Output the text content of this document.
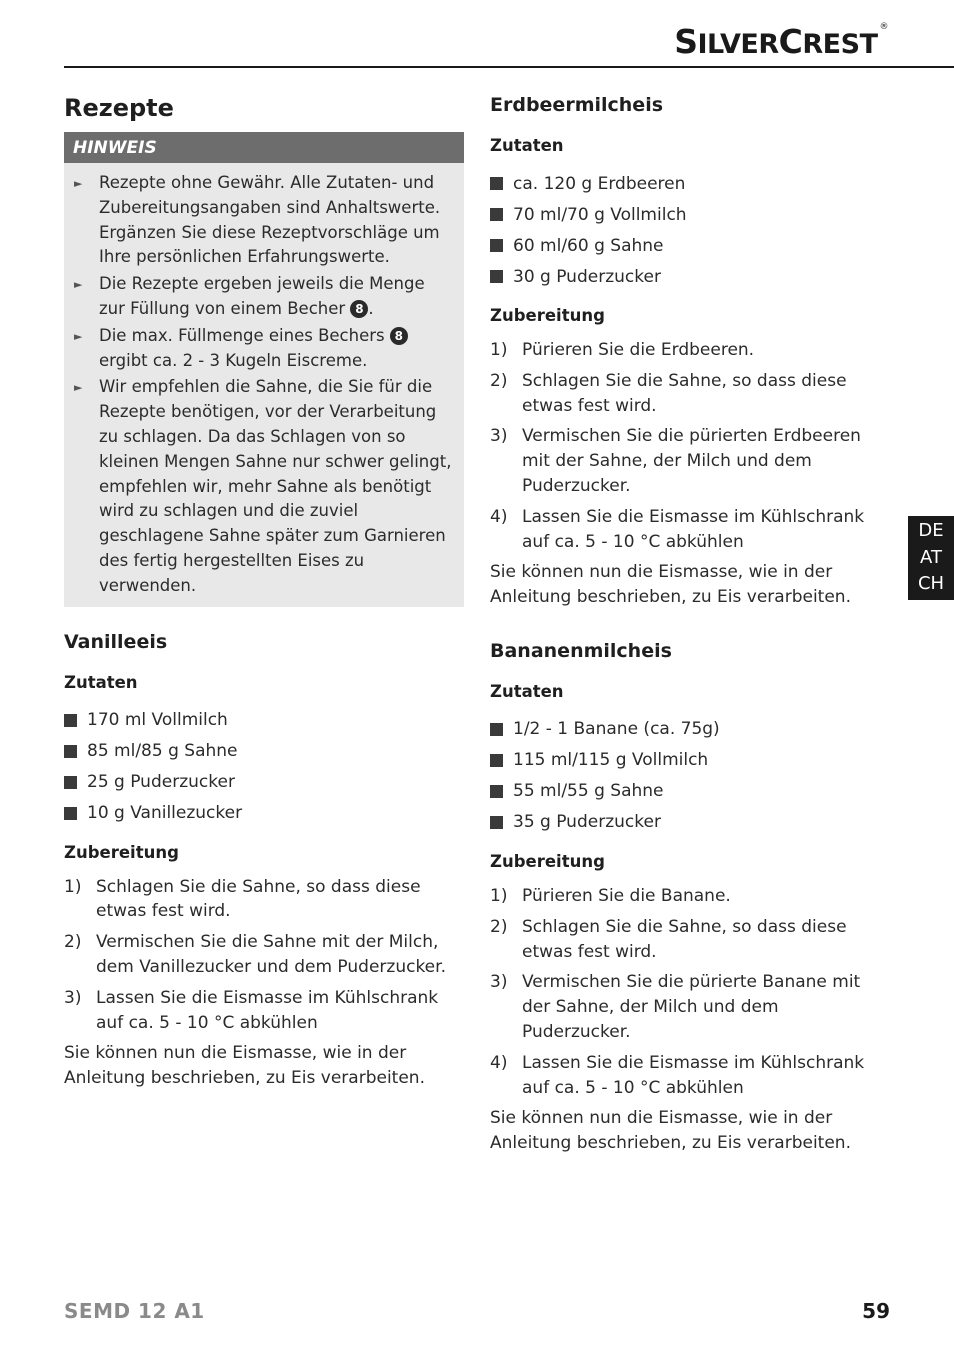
SILVERCREST®
Rezepte
HINWEIS
►	Rezepte ohne Gewähr. Alle Zutaten- und Zubereitungsangaben sind Anhaltswerte. Ergänzen Sie diese Rezeptvorschläge um Ihre persönlichen Erfahrungswerte.
►	Die Rezepte ergeben jeweils die Menge zur Füllung von einem Becher 8 .
►	Die max. Füllmenge eines Bechers 8 ergibt ca. 2 - 3 Kugeln Eiscreme.
►	Wir empfehlen die Sahne, die Sie für die Rezepte benötigen, vor der Verarbeitung zu schlagen. Da das Schlagen von so kleinen Mengen Sahne nur schwer gelingt, empfehlen wir, mehr Sahne als benötigt wird zu schlagen und die zuviel geschlagene Sahne später zum Garnieren des fertig hergestellten Eises zu verwenden.
Vanilleeis
Zutaten
170 ml Vollmilch
85 ml/85 g Sahne
25 g Puderzucker
10 g Vanillezucker
Zubereitung
1) Schlagen Sie die Sahne, so dass diese etwas fest wird.
2) Vermischen Sie die Sahne mit der Milch, dem Vanillezucker und dem Puderzucker.
3) Lassen Sie die Eismasse im Kühlschrank auf ca. 5 - 10 °C abkühlen

Sie können nun die Eismasse, wie in der Anleitung beschrieben, zu Eis verarbeiten.

Erdbeermilcheis
Zutaten
ca. 120 g Erdbeeren
70 ml/70 g Vollmilch
60 ml/60 g Sahne
30 g Puderzucker
Zubereitung
1) Pürieren Sie die Erdbeeren.
2) Schlagen Sie die Sahne, so dass diese etwas fest wird.
3) Vermischen Sie die pürierten Erdbeeren mit der Sahne, der Milch und dem Puderzucker.
4) Lassen Sie die Eismasse im Kühlschrank auf ca. 5 - 10 °C abkühlen

Sie können nun die Eismasse, wie in der Anleitung beschrieben, zu Eis verarbeiten.

Bananenmilcheis
Zutaten
1/2 - 1 Banane (ca. 75g)
115 ml/115 g Vollmilch
55 ml/55 g Sahne
35 g Puderzucker
Zubereitung
1) Pürieren Sie die Banane.
2) Schlagen Sie die Sahne, so dass diese etwas fest wird.
3) Vermischen Sie die pürierte Banane mit der Sahne, der Milch und dem Puderzucker.
4) Lassen Sie die Eismasse im Kühlschrank auf ca. 5 - 10 °C abkühlen

Sie können nun die Eismasse, wie in der Anleitung beschrieben, zu Eis verarbeiten.

DE
AT
CH
SEMD 12 A1	59
